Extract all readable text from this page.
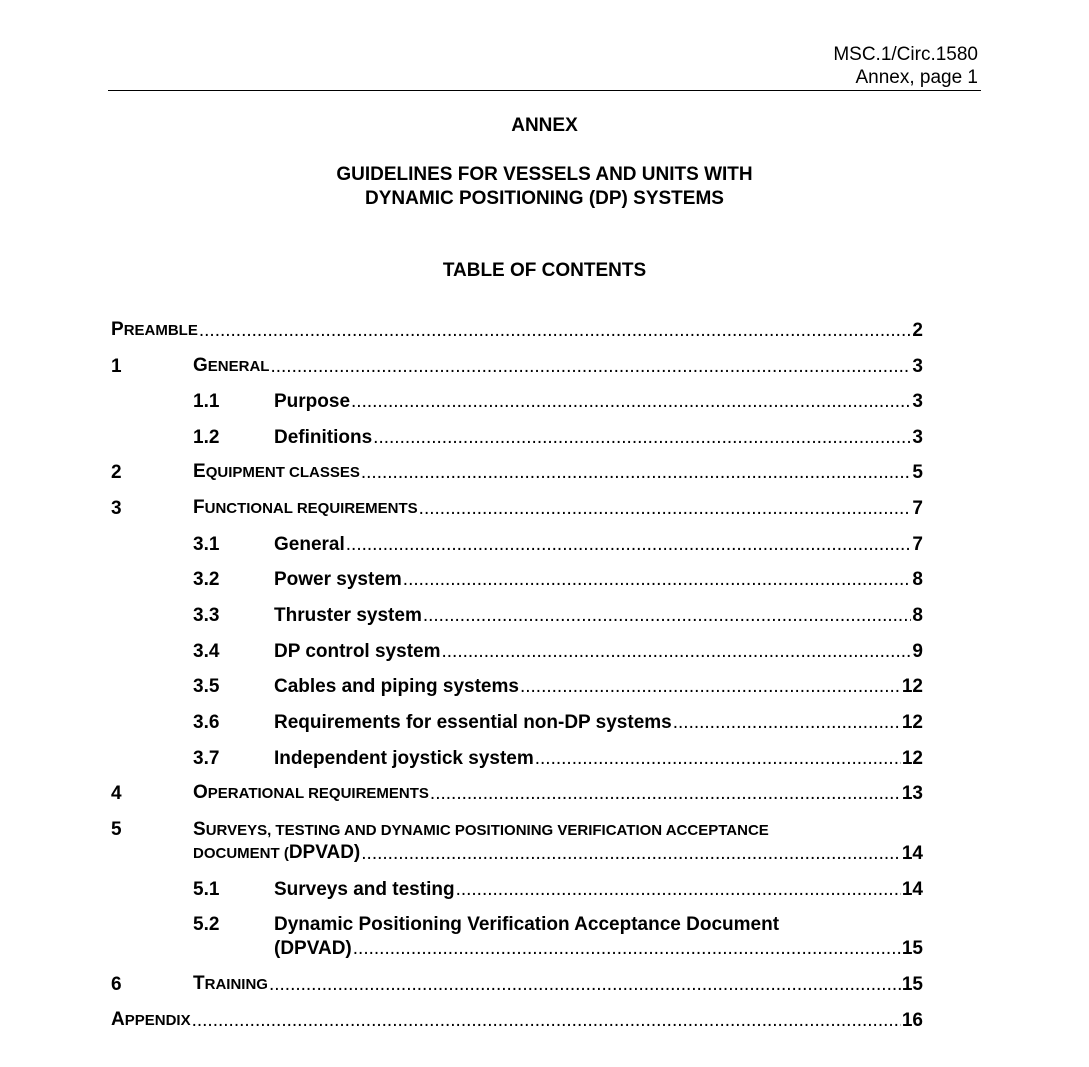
MSC.1/Circ.1580
Annex, page 1
ANNEX
GUIDELINES FOR VESSELS AND UNITS WITH
DYNAMIC POSITIONING (DP) SYSTEMS
TABLE OF CONTENTS
PREAMBLE .....	2
1	GENERAL .....	3
1.1	Purpose .....	3
1.2	Definitions .....	3
2	EQUIPMENT CLASSES .....	5
3	FUNCTIONAL REQUIREMENTS .....	7
3.1	General .....	7
3.2	Power system .....	8
3.3	Thruster system .....	8
3.4	DP control system .....	9
3.5	Cables and piping systems .....	12
3.6	Requirements for essential non-DP systems .....	12
3.7	Independent joystick system .....	12
4	OPERATIONAL REQUIREMENTS .....	13
5	SURVEYS, TESTING AND DYNAMIC POSITIONING VERIFICATION ACCEPTANCE
DOCUMENT (DPVAD) .....	14
5.1	Surveys and testing .....	14
5.2	Dynamic Positioning Verification Acceptance Document
(DPVAD) .....	15
6	TRAINING .....	15
APPENDIX .....	16
